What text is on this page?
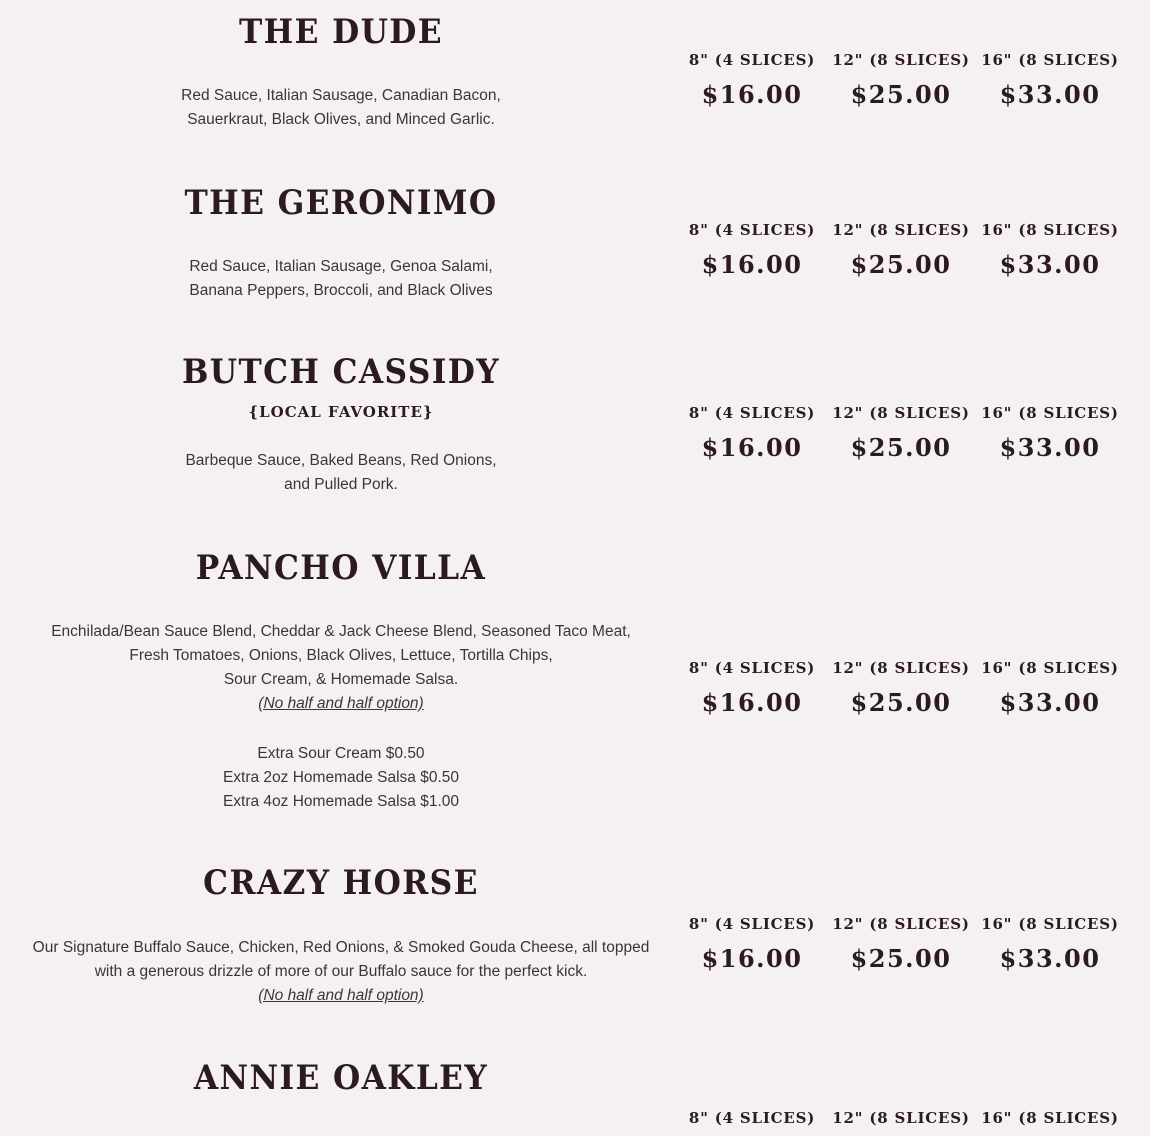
THE DUDE
Red Sauce, Italian Sausage, Canadian Bacon,
Sauerkraut, Black Olives, and Minced Garlic.
8" (4 SLICES)
$16.00
12" (8 SLICES)
$25.00
16" (8 SLICES)
$33.00
THE GERONIMO
Red Sauce, Italian Sausage, Genoa Salami,
Banana Peppers, Broccoli, and Black Olives
8" (4 SLICES)
$16.00
12" (8 SLICES)
$25.00
16" (8 SLICES)
$33.00
BUTCH CASSIDY
{LOCAL FAVORITE}
Barbeque Sauce, Baked Beans, Red Onions,
and Pulled Pork.
8" (4 SLICES)
$16.00
12" (8 SLICES)
$25.00
16" (8 SLICES)
$33.00
PANCHO VILLA
Enchilada/Bean Sauce Blend, Cheddar & Jack Cheese Blend, Seasoned Taco Meat,
Fresh Tomatoes, Onions, Black Olives, Lettuce, Tortilla Chips,
Sour Cream, & Homemade Salsa.
(No half and half option)
Extra Sour Cream $0.50
Extra 2oz Homemade Salsa $0.50
Extra 4oz Homemade Salsa $1.00
8" (4 SLICES)
$16.00
12" (8 SLICES)
$25.00
16" (8 SLICES)
$33.00
CRAZY HORSE
Our Signature Buffalo Sauce, Chicken, Red Onions, & Smoked Gouda Cheese, all topped
with a generous drizzle of more of our Buffalo sauce for the perfect kick.
(No half and half option)
8" (4 SLICES)
$16.00
12" (8 SLICES)
$25.00
16" (8 SLICES)
$33.00
ANNIE OAKLEY
8" (4 SLICES)	12" (8 SLICES) 16" (8 SLICES)
